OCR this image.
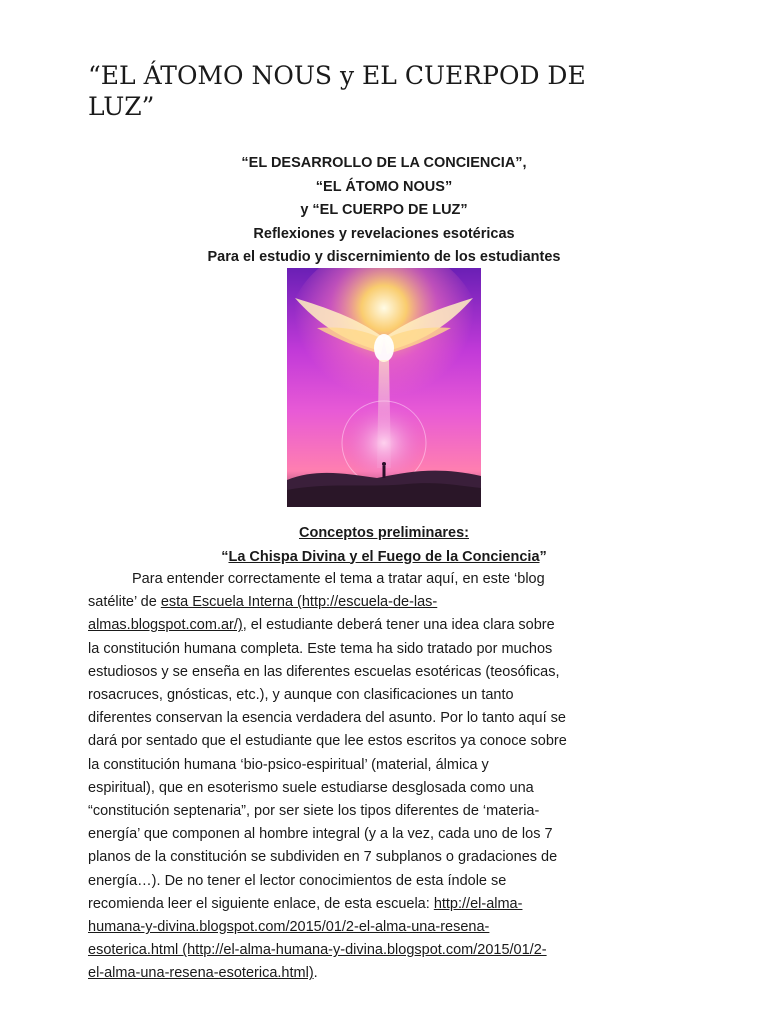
“EL ÁTOMO NOUS y EL CUERPOD DE
LUZ”
“EL DESARROLLO DE LA CONCIENCIA”,
“EL ÁTOMO NOUS”
y “EL CUERPO DE LUZ”
Reflexiones y revelaciones esotéricas
Para el estudio y discernimiento de los estudiantes
Conceptos preliminares:
“La Chispa Divina y el Fuego de la Conciencia”
Para entender correctamente el tema a tratar aquí, en este ‘blog
satélite’ de esta Escuela Interna (http://escuela-de-las-
almas.blogspot.com.ar/), el estudiante deberá tener una idea clara sobre
la constitución humana completa. Este tema ha sido tratado por muchos
estudiosos y se enseña en las diferentes escuelas esotéricas (teosóficas,
rosacruces, gnósticas, etc.), y aunque con clasificaciones un tanto
diferentes conservan la esencia verdadera del asunto. Por lo tanto aquí se
dará por sentado que el estudiante que lee estos escritos ya conoce sobre
la constitución humana ‘bio-psico-espiritual’ (material, álmica y
espiritual), que en esoterismo suele estudiarse desglosada como una
“constitución septenaria”, por ser siete los tipos diferentes de ‘materia-
energía’ que componen al hombre integral (y a la vez, cada uno de los 7
planos de la constitución se subdividen en 7 subplanos o gradaciones de
energía…). De no tener el lector conocimientos de esta índole se
recomienda leer el siguiente enlace, de esta escuela: http://el-alma-
humana-y-divina.blogspot.com/2015/01/2-el-alma-una-resena-
esoterica.html (http://el-alma-humana-y-divina.blogspot.com/2015/01/2-
el-alma-una-resena-esoterica.html).
